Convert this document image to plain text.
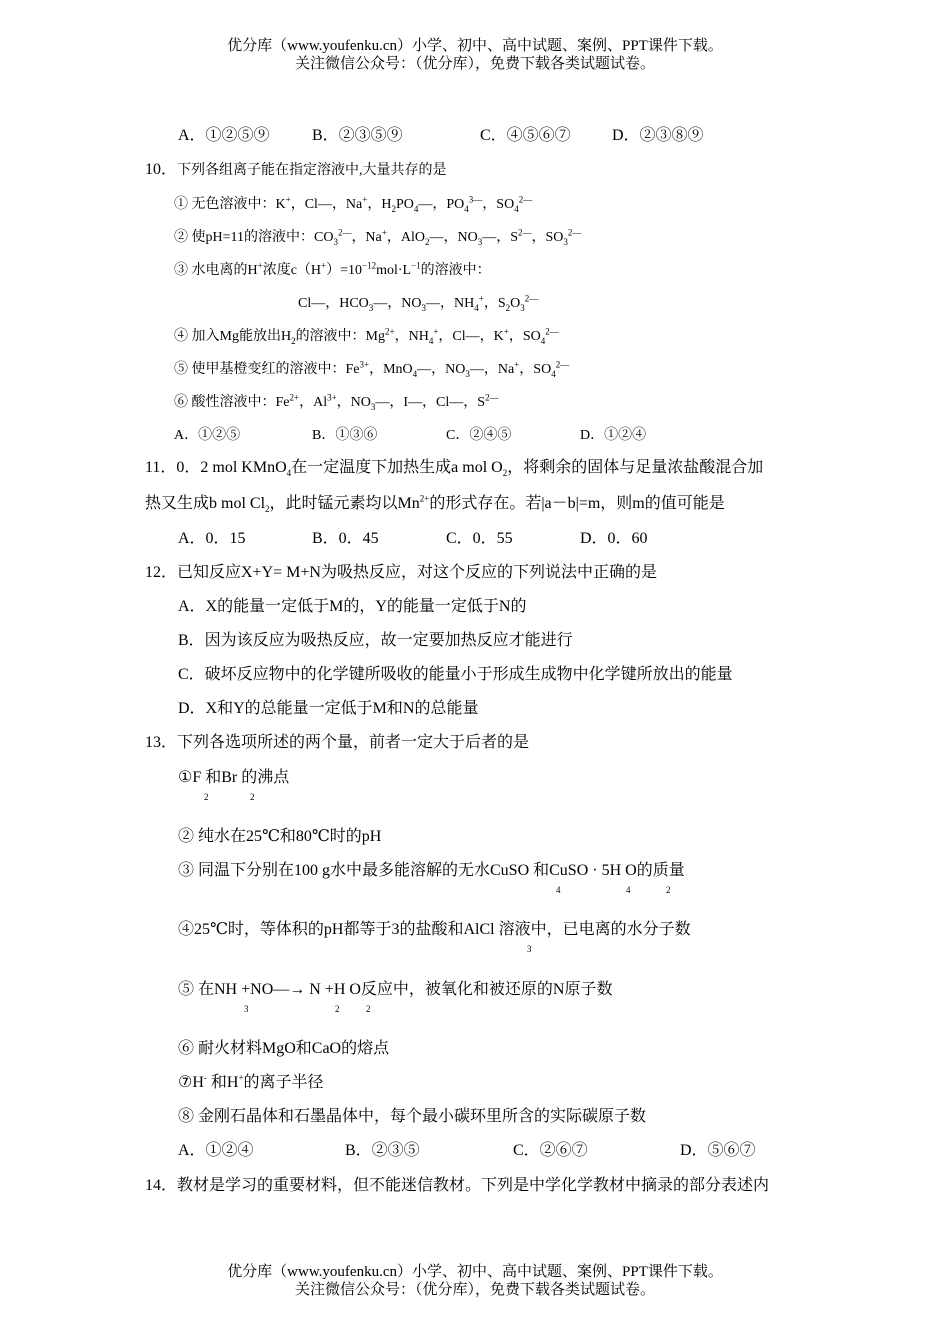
优分库（www.youfenku.cn）小学、初中、高中试题、案例、PPT课件下载。
关注微信公众号：（优分库），免费下载各类试题试卷。
A．①②⑤⑨	B．②③⑤⑨	C．④⑤⑥⑦	D．②③⑧⑨
10．下列各组离子能在指定溶液中,大量共存的是
① 无色溶液中：K+，Cl—，Na+，$H_2PO_4—$，$PO_4^{3—}$，$SO_4^{2—}$
② 使pH=11的溶液中：$CO_3^{2—}$，Na+，AlO$_2$—，$NO_3—$，$S^{2—}$，$SO_3^{2—}$
③ 水电离的H+浓度$c(H^+)=10^{-12}mol\cdot L^{-1}$的溶液中：
Cl—，$HCO_3—$，$NO_3—$，$NH_4^+$，$S_2O_3^{2—}$
④ 加入Mg能放出$H_2$的溶液中：$Mg^{2+}$，$NH_4^+$，Cl—，K+，$SO_4^{2—}$
⑤ 使甲基橙变红的溶液中：$Fe^{3+}$，MnO$_4$—，$NO_3—$，Na+，$SO_4^{2—}$
⑥ 酸性溶液中：$Fe^{2+}$，$Al^{3+}$，$NO_3—$，I—，Cl—，$S^{2—}$
A．①②⑤	B．①③⑥	C．②④⑤	D．①②④
11．0．2 mol KMnO$_4$在一定温度下加热生成a mol $O_2$，将剩余的固体与足量浓盐酸混合加
热又生成b mol $Cl_2$，此时锰元素均以$Mn^{2+}$的形式存在。若|a－b|=m，则m的值可能是
A．0．15	B．0．45	C．0．55	D．0．60
12．已知反应X+Y= M+N为吸热反应，对这个反应的下列说法中正确的是
A．X的能量一定低于M的，Y的能量一定低于N的
B．因为该反应为吸热反应，故一定要加热反应才能进行
C．破坏反应物中的化学键所吸收的能量小于形成生成物中化学键所放出的能量
D．X和Y的总能量一定低于M和N的总能量
13．下列各选项所述的两个量，前者一定大于后者的是
①F 和Br 的沸点
2	2
② 纯水在25℃和80℃时的pH
③ 同温下分别在100 g水中最多能溶解的无水CuSO 和CuSO · 5H O的质量
4	4	2
④25℃时，等体积的pH都等于3的盐酸和AlCl 溶液中，已电离的水分子数
3
⑤ 在NH +NO—→ N +H O反应中，被氧化和被还原的N原子数
3	2	2
⑥ 耐火材料MgO和CaO的熔点
⑦H- 和H+的离子半径
⑧ 金刚石晶体和石墨晶体中，每个最小碳环里所含的实际碳原子数
A．①②④	B．②③⑤	C．②⑥⑦	D．⑤⑥⑦
14．教材是学习的重要材料，但不能迷信教材。下列是中学化学教材中摘录的部分表述内
优分库（www.youfenku.cn）小学、初中、高中试题、案例、PPT课件下载。
关注微信公众号：（优分库），免费下载各类试题试卷。
